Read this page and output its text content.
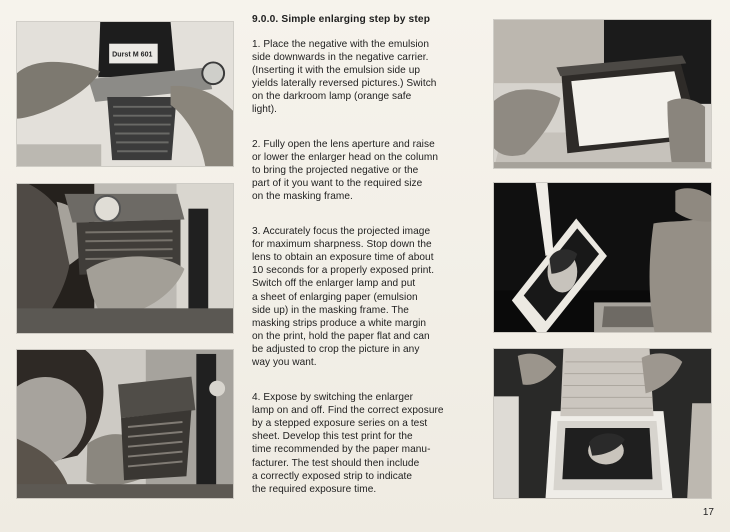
Durst M 601
9.0.0. Simple enlarging step by step
1. Place the negative with the emulsion
side downwards in the negative carrier.
(Inserting it with the emulsion side up
yields laterally reversed pictures.) Switch
on the darkroom lamp (orange safe
light).
2. Fully open the lens aperture and raise
or lower the enlarger head on the column
to bring the projected negative or the
part of it you want to the required size
on the masking frame.
3. Accurately focus the projected image
for maximum sharpness. Stop down the
lens to obtain an exposure time of about
10 seconds for a properly exposed print.
Switch off the enlarger lamp and put
a sheet of enlarging paper (emulsion
side up) in the masking frame. The
masking strips produce a white margin
on the print, hold the paper flat and can
be adjusted to crop the picture in any
way you want.
4. Expose by switching the enlarger
lamp on and off. Find the correct exposure
by a stepped exposure series on a test
sheet. Develop this test print for the
time recommended by the paper manu-
facturer. The test should then include
a correctly exposed strip to indicate
the required exposure time.
17
